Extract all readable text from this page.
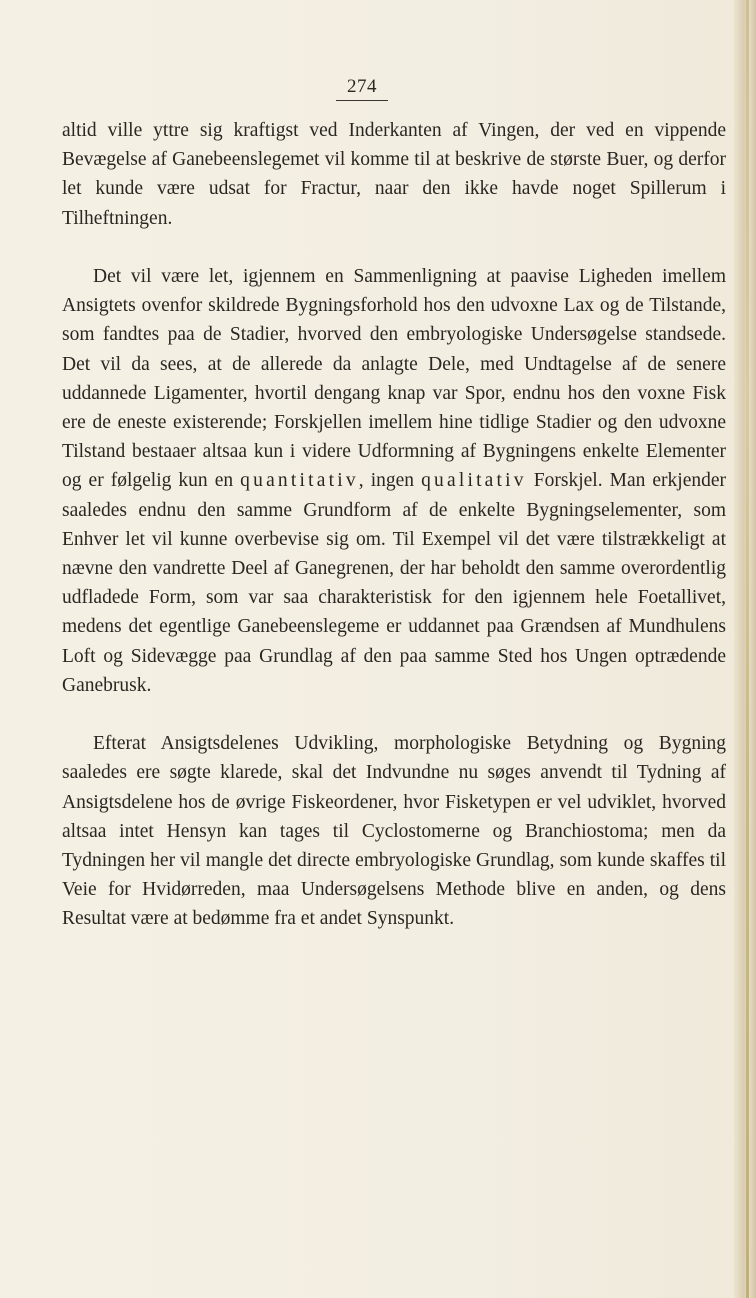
274

altid ville yttre sig kraftigst ved Inderkanten af Vingen, der ved en vippende Bevægelse af Ganebeenslegemet vil komme til at beskrive de største Buer, og derfor let kunde være udsat for Fractur, naar den ikke havde noget Spillerum i Tilheftningen.

Det vil være let, igjennem en Sammenligning at paavise Ligheden imellem Ansigtets ovenfor skildrede Bygningsforhold hos den udvoxne Lax og de Tilstande, som fandtes paa de Stadier, hvorved den embryologiske Undersøgelse standsede. Det vil da sees, at de allerede da anlagte Dele, med Undtagelse af de senere uddannede Ligamenter, hvortil dengang knap var Spor, endnu hos den voxne Fisk ere de eneste existerende; Forskjellen imellem hine tidlige Stadier og den udvoxne Tilstand bestaaer altsaa kun i videre Udformning af Bygningens enkelte Elementer og er følgelig kun en quantitativ, ingen qualitativ Forskjel. Man erkjender saaledes endnu den samme Grundform af de enkelte Bygningselementer, som Enhver let vil kunne overbevise sig om. Til Exempel vil det være tilstrækkeligt at nævne den vandrette Deel af Ganegrenen, der har beholdt den samme overordentlig udfladede Form, som var saa charakteristisk for den igjennem hele Foetallivet, medens det egentlige Ganebeenslegeme er uddannet paa Grændsen af Mundhulens Loft og Sidevægge paa Grundlag af den paa samme Sted hos Ungen optrædende Ganebrusk.

Efterat Ansigtsdelenes Udvikling, morphologiske Betydning og Bygning saaledes ere søgte klarede, skal det Indvundne nu søges anvendt til Tydning af Ansigtsdelene hos de øvrige Fiskeordener, hvor Fisketypen er vel udviklet, hvorved altsaa intet Hensyn kan tages til Cyclostomerne og Branchiostoma; men da Tydningen her vil mangle det directe embryologiske Grundlag, som kunde skaffes til Veie for Hvidørreden, maa Undersøgelsens Methode blive en anden, og dens Resultat være at bedømme fra et andet Synspunkt.
